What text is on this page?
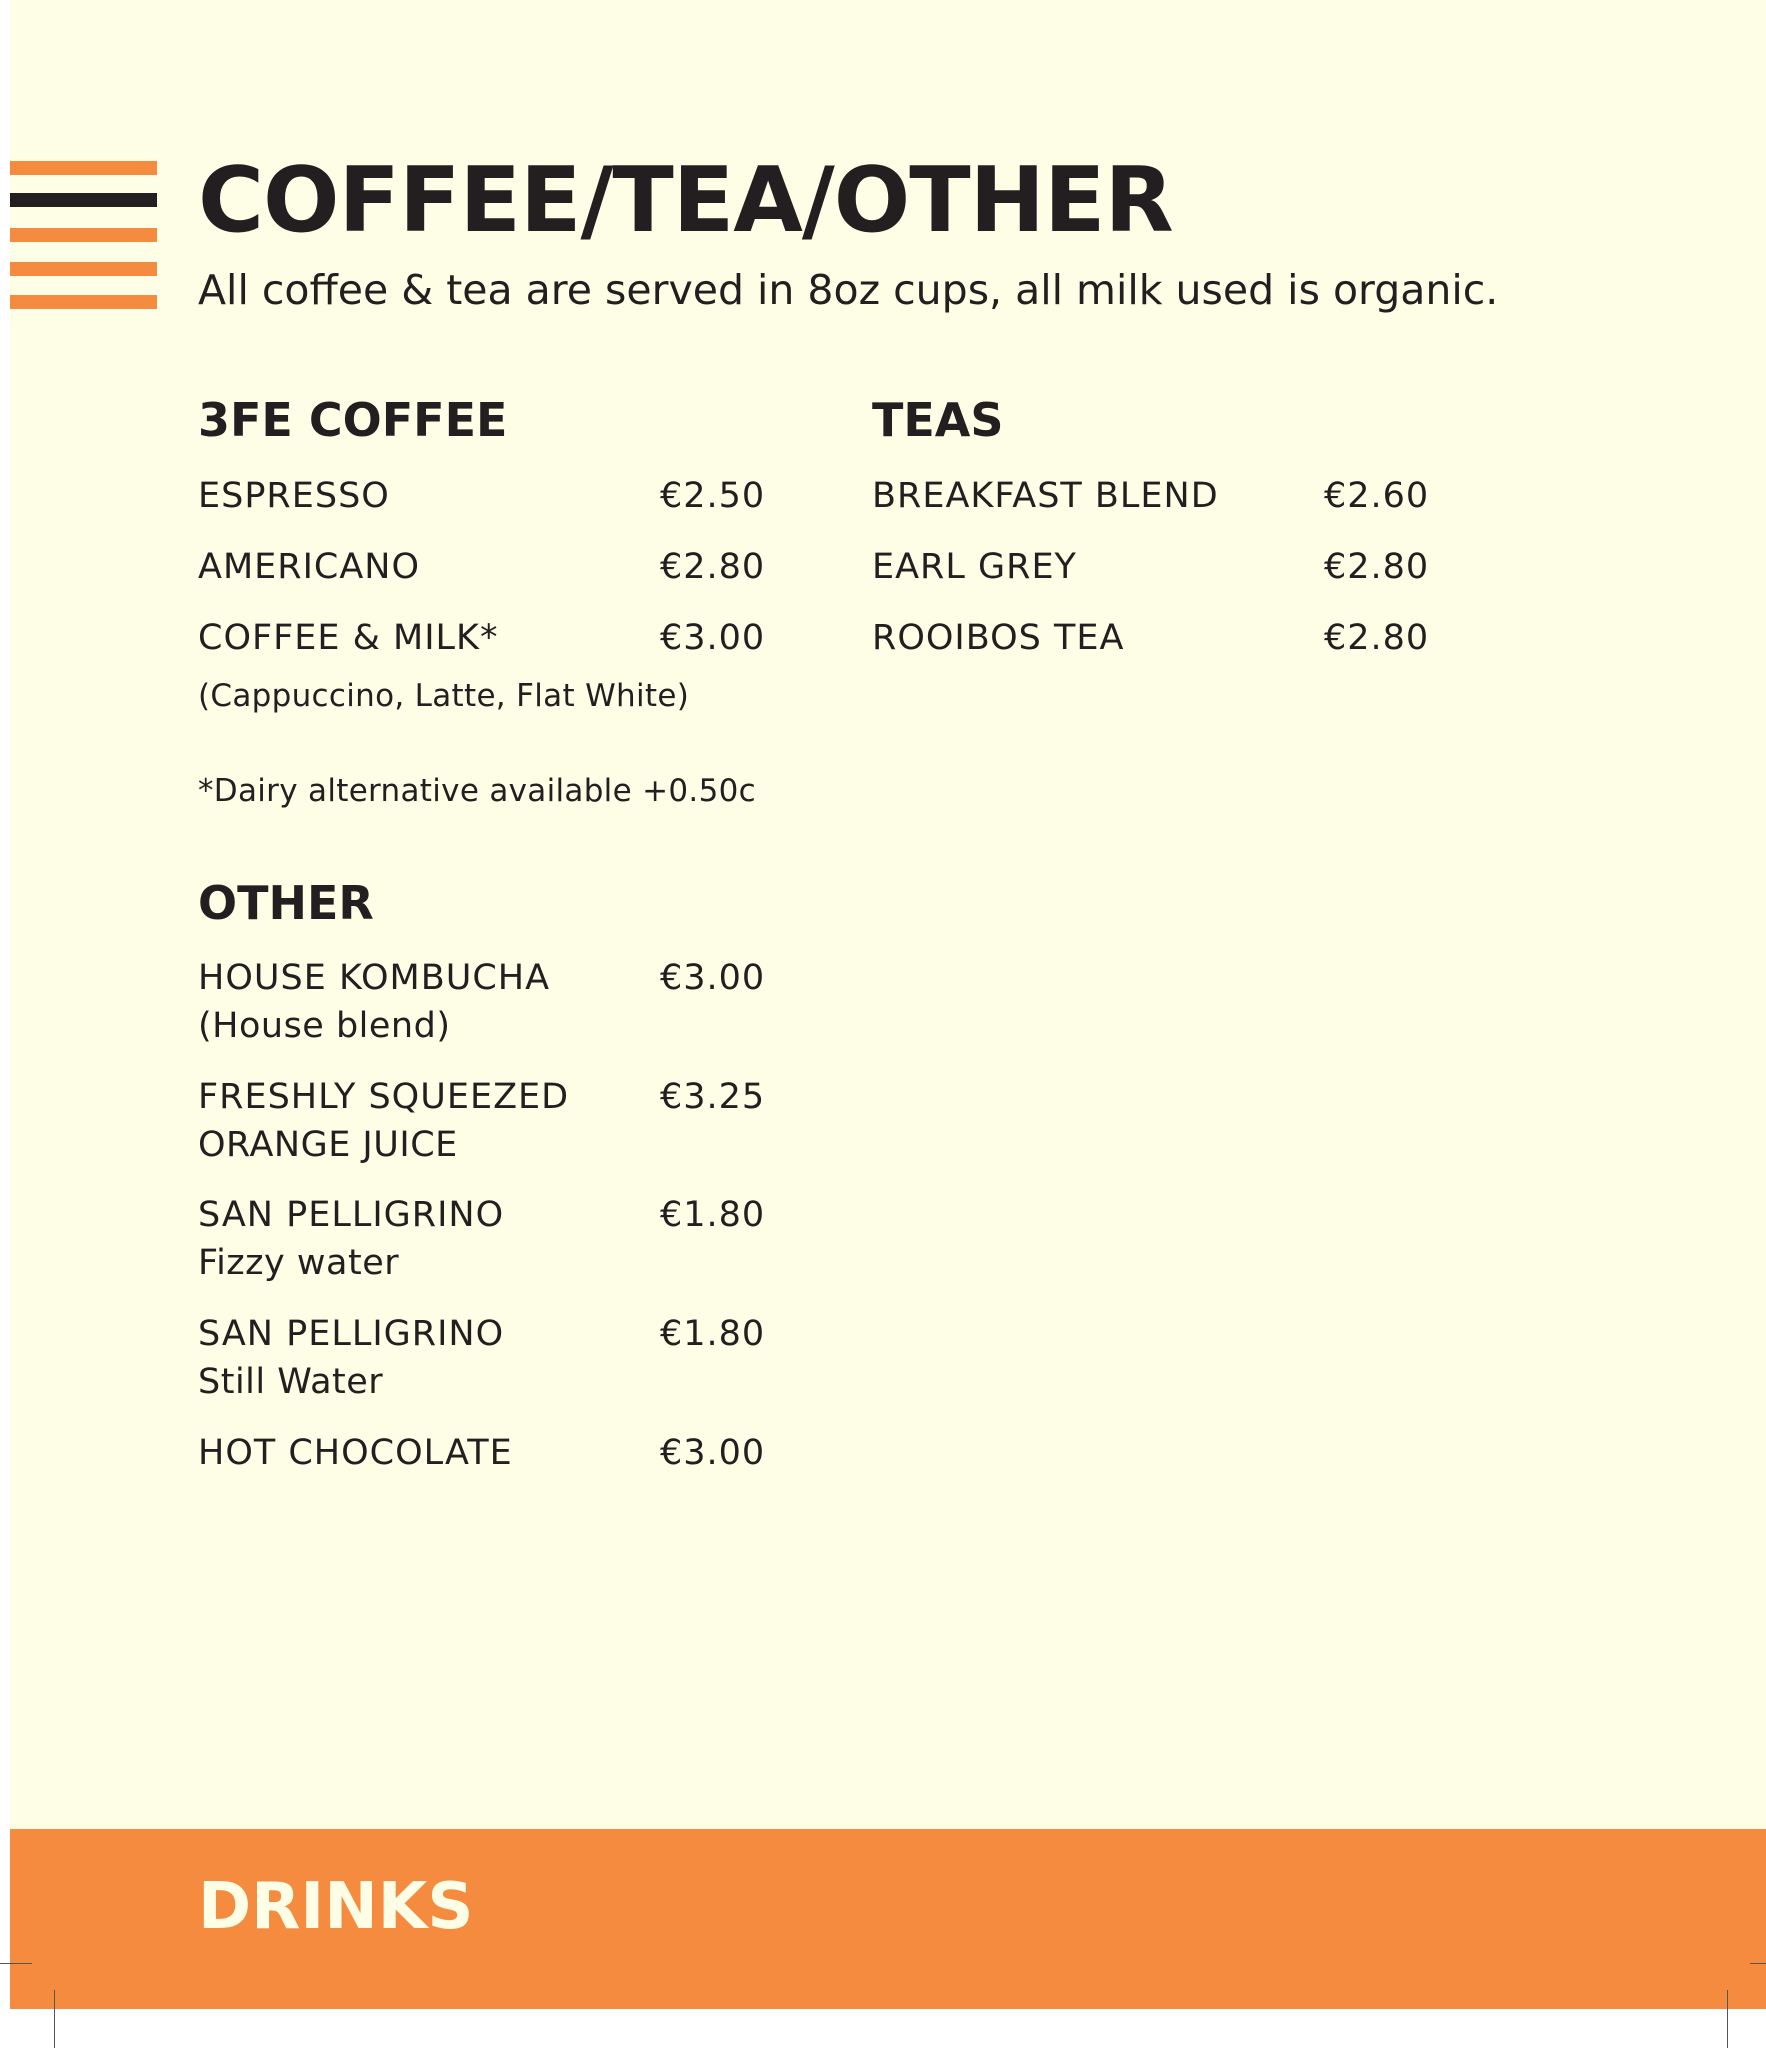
COFFEE/TEA/OTHER

All coffee & tea are served in 8oz cups, all milk used is organic.

3FE COFFEE
ESPRESSO	€2.50
AMERICANO	€2.80
COFFEE & MILK*	€3.00
(Cappuccino, Latte, Flat White)
*Dairy alternative available +0.50c
TEAS
BREAKFAST BLEND	€2.60
EARL GREY	€2.80
ROOIBOS TEA	€2.80
OTHER
HOUSE KOMBUCHA	€3.00
(House blend)
FRESHLY SQUEEZED	€3.25
ORANGE JUICE
SAN PELLIGRINO	€1.80
Fizzy water
SAN PELLIGRINO	€1.80
Still Water
HOT CHOCOLATE	€3.00
DRINKS
